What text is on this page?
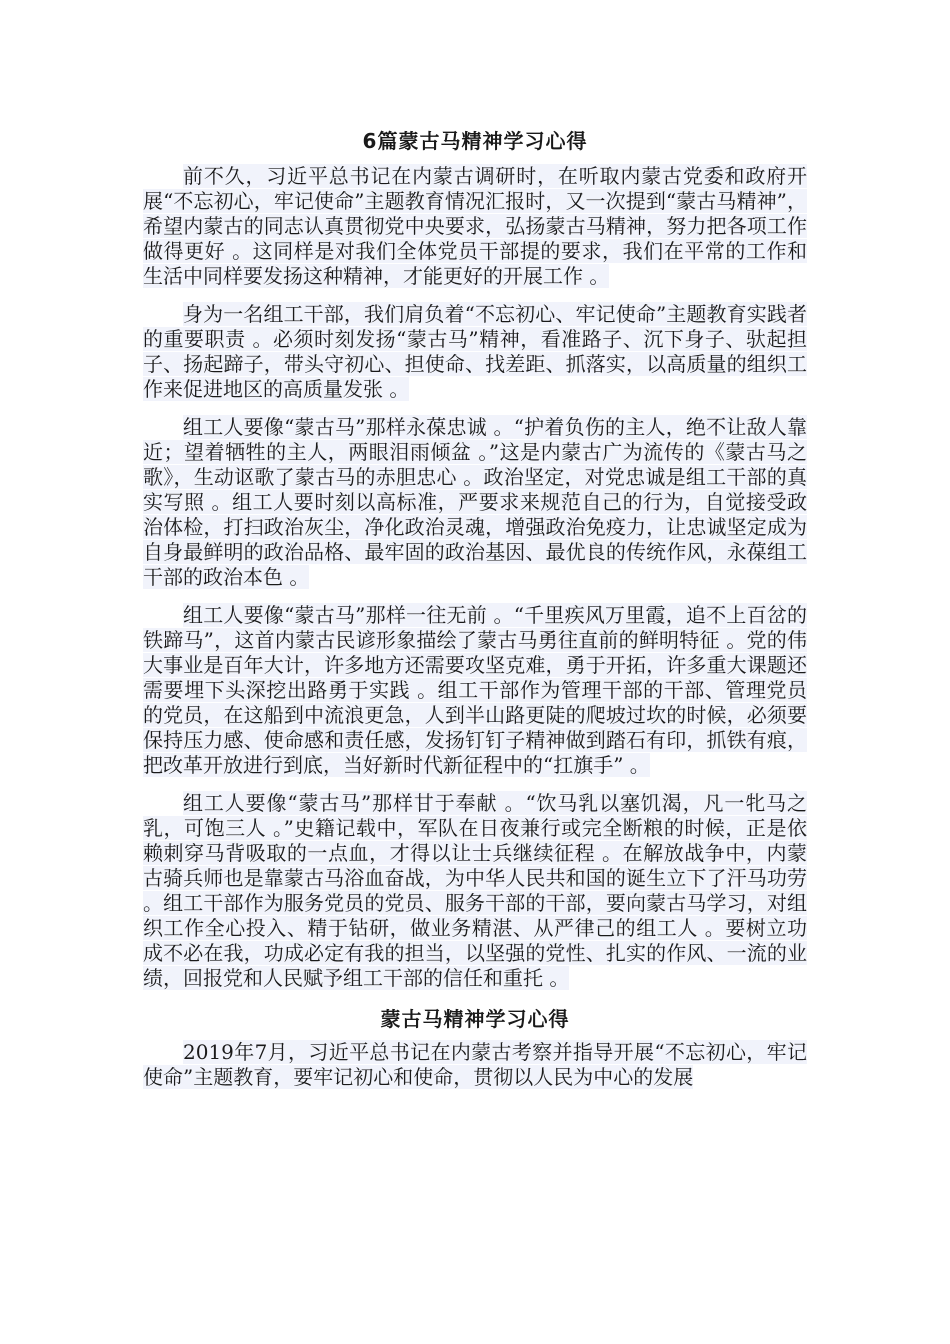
6篇蒙古马精神学习心得

前不久，习近平总书记在内蒙古调研时，在听取内蒙古党委和政府开展“不忘初心，牢记使命”主题教育情况汇报时，又一次提到“蒙古马精神”，希望内蒙古的同志认真贯彻党中央要求，弘扬蒙古马精神，努力把各项工作做得更好 。这同样是对我们全体党员干部提的要求，我们在平常的工作和生活中同样要发扬这种精神，才能更好的开展工作 。

身为一名组工干部，我们肩负着“不忘初心、牢记使命”主题教育实践者的重要职责 。必须时刻发扬“蒙古马”精神，看准路子、沉下身子、驮起担子、扬起蹄子，带头守初心、担使命、找差距、抓落实，以高质量的组织工作来促进地区的高质量发张 。

组工人要像“蒙古马”那样永葆忠诚 。“护着负伤的主人，绝不让敌人靠近；望着牺牲的主人，两眼泪雨倾盆 。”这是内蒙古广为流传的《蒙古马之歌》，生动讴歌了蒙古马的赤胆忠心 。政治坚定，对党忠诚是组工干部的真实写照 。组工人要时刻以高标准，严要求来规范自己的行为，自觉接受政治体检，打扫政治灰尘，净化政治灵魂，增强政治免疫力，让忠诚坚定成为自身最鲜明的政治品格、最牢固的政治基因、最优良的传统作风，永葆组工干部的政治本色 。

组工人要像“蒙古马”那样一往无前 。“千里疾风万里霞，追不上百岔的铁蹄马”，这首内蒙古民谚形象描绘了蒙古马勇往直前的鲜明特征 。党的伟大事业是百年大计，许多地方还需要攻坚克难，勇于开拓，许多重大课题还需要埋下头深挖出路勇于实践 。组工干部作为管理干部的干部、管理党员的党员，在这船到中流浪更急，人到半山路更陡的爬坡过坎的时候，必须要保持压力感、使命感和责任感，发扬钉钉子精神做到踏石有印，抓铁有痕，把改革开放进行到底，当好新时代新征程中的“扛旗手” 。

组工人要像“蒙古马”那样甘于奉献 。“饮马乳以塞饥渴，凡一牝马之乳，可饱三人 。”史籍记载中，军队在日夜兼行或完全断粮的时候，正是依赖刺穿马背吸取的一点血，才得以让士兵继续征程 。在解放战争中，内蒙古骑兵师也是靠蒙古马浴血奋战，为中华人民共和国的诞生立下了汗马功劳 。组工干部作为服务党员的党员、服务干部的干部，要向蒙古马学习，对组织工作全心投入、精于钻研，做业务精湛、从严律己的组工人 。要树立功成不必在我，功成必定有我的担当，以坚强的党性、扎实的作风、一流的业绩，回报党和人民赋予组工干部的信任和重托 。

蒙古马精神学习心得

2019年7月，习近平总书记在内蒙古考察并指导开展“不忘初心，牢记使命”主题教育，要牢记初心和使命，贯彻以人民为中心的发展
